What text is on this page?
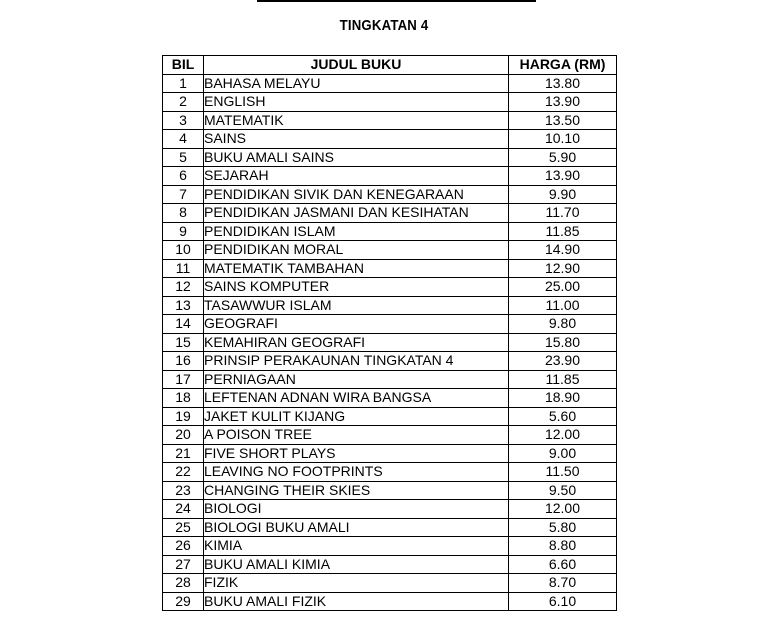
TINGKATAN 4
BIL	JUDUL BUKU	HARGA (RM)
1	BAHASA MELAYU	13.80
2	ENGLISH	13.90
3	MATEMATIK	13.50
4	SAINS	10.10
5	BUKU AMALI SAINS	5.90
6	SEJARAH	13.90
7	PENDIDIKAN SIVIK DAN KENEGARAAN	9.90
8	PENDIDIKAN JASMANI DAN KESIHATAN	11.70
9	PENDIDIKAN ISLAM	11.85
10	PENDIDIKAN MORAL	14.90
11	MATEMATIK TAMBAHAN	12.90
12	SAINS KOMPUTER	25.00
13	TASAWWUR ISLAM	11.00
14	GEOGRAFI	9.80
15	KEMAHIRAN GEOGRAFI	15.80
16	PRINSIP PERAKAUNAN TINGKATAN 4	23.90
17	PERNIAGAAN	11.85
18	LEFTENAN ADNAN WIRA BANGSA	18.90
19	JAKET KULIT KIJANG	5.60
20	A POISON TREE	12.00
21	FIVE SHORT PLAYS	9.00
22	LEAVING NO FOOTPRINTS	11.50
23	CHANGING THEIR SKIES	9.50
24	BIOLOGI	12.00
25	BIOLOGI BUKU AMALI	5.80
26	KIMIA	8.80
27	BUKU AMALI KIMIA	6.60
28	FIZIK	8.70
29	BUKU AMALI FIZIK	6.10
